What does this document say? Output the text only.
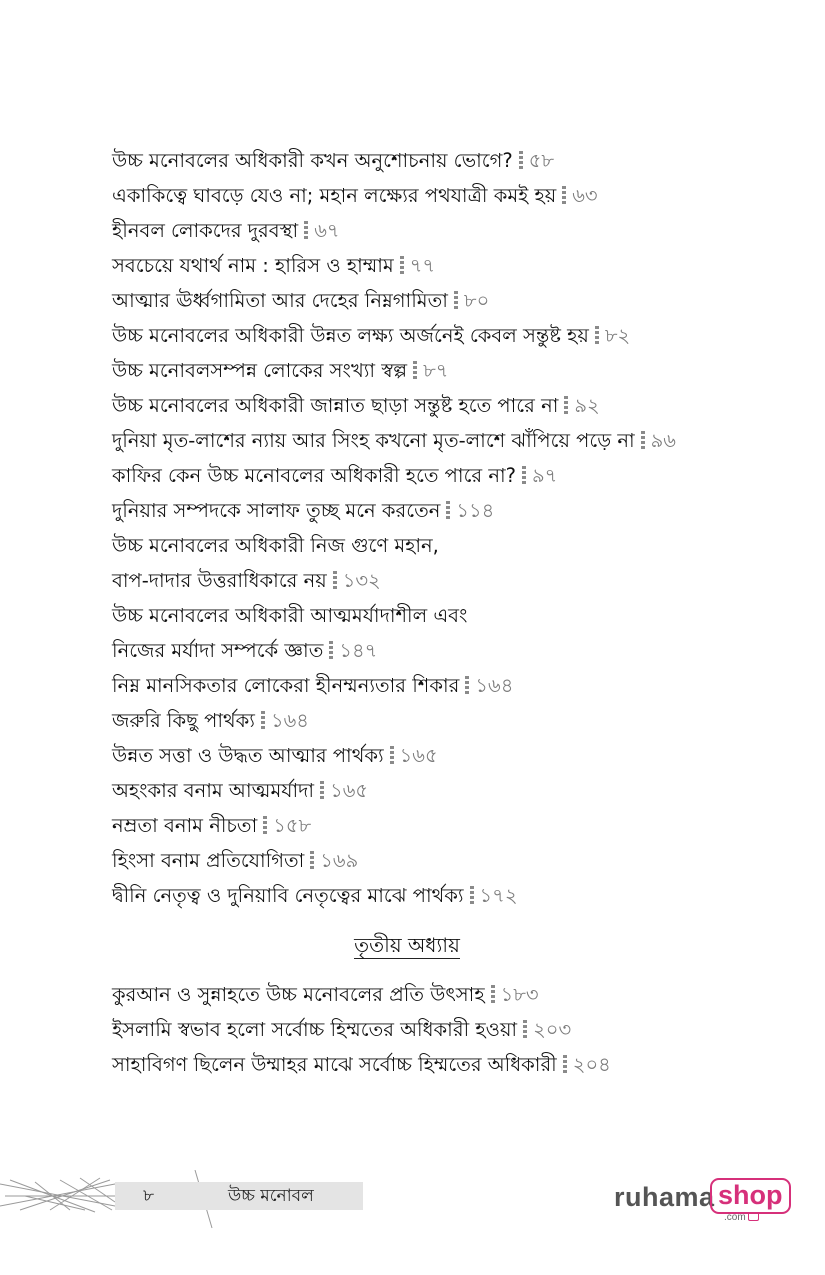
উচ্চ মনোবলের অধিকারী কখন অনুশোচনায় ভোগে? ৫৮
একাকিত্বে ঘাবড়ে যেও না; মহান লক্ষ্যের পথযাত্রী কমই হয় ৬৩
হীনবল লোকদের দুরবস্থা ৬৭
সবচেয়ে যথার্থ নাম : হারিস ও হাম্মাম ৭৭
আত্মার ঊর্ধ্বগামিতা আর দেহের নিম্নগামিতা ৮০
উচ্চ মনোবলের অধিকারী উন্নত লক্ষ্য অর্জনেই কেবল সন্তুষ্ট হয় ৮২
উচ্চ মনোবলসম্পন্ন লোকের সংখ্যা স্বল্প ৮৭
উচ্চ মনোবলের অধিকারী জান্নাত ছাড়া সন্তুষ্ট হতে পারে না ৯২
দুনিয়া মৃত-লাশের ন্যায় আর সিংহ কখনো মৃত-লাশে ঝাঁপিয়ে পড়ে না ৯৬
কাফির কেন উচ্চ মনোবলের অধিকারী হতে পারে না? ৯৭
দুনিয়ার সম্পদকে সালাফ তুচ্ছ মনে করতেন ১১৪
উচ্চ মনোবলের অধিকারী নিজ গুণে মহান,
বাপ-দাদার উত্তরাধিকারে নয় ১৩২
উচ্চ মনোবলের অধিকারী আত্মমর্যাদাশীল এবং
নিজের মর্যাদা সম্পর্কে জ্ঞাত ১৪৭
নিম্ন মানসিকতার লোকেরা হীনম্মন্যতার শিকার ১৬৪
জরুরি কিছু পার্থক্য ১৬৪
উন্নত সত্তা ও উদ্ধত আত্মার পার্থক্য ১৬৫
অহংকার বনাম আত্মমর্যাদা ১৬৫
নম্রতা বনাম নীচতা ১৫৮
হিংসা বনাম প্রতিযোগিতা ১৬৯
দ্বীনি নেতৃত্ব ও দুনিয়াবি নেতৃত্বের মাঝে পার্থক্য ১৭২
তৃতীয় অধ্যায়
কুরআন ও সুন্নাহতে উচ্চ মনোবলের প্রতি উৎসাহ ১৮৩
ইসলামি স্বভাব হলো সর্বোচ্চ হিম্মতের অধিকারী হওয়া ২০৩
সাহাবিগণ ছিলেন উম্মাহর মাঝে সর্বোচ্চ হিম্মতের অধিকারী ২০৪
৮	উচ্চ মনোবল	ruhama shop
.com
